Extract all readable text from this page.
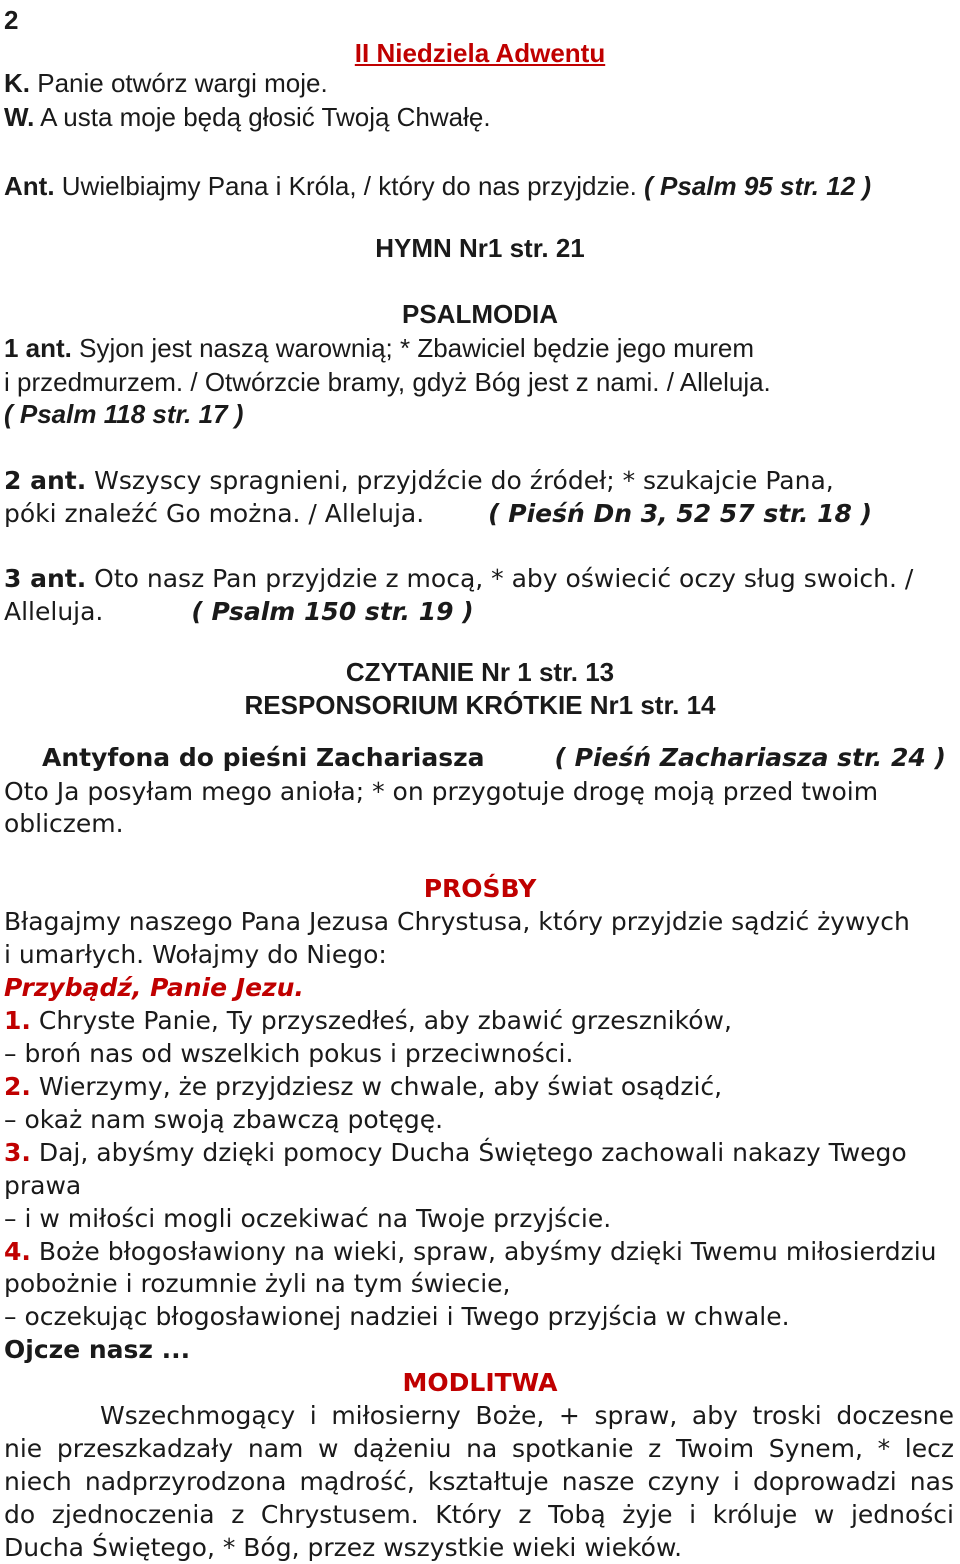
2
II Niedziela Adwentu
K. Panie otwórz wargi moje.
W. A usta moje będą głosić Twoją Chwałę.
Ant. Uwielbiajmy Pana i Króla, / który do nas przyjdzie. ( Psalm 95 str. 12 )
HYMN Nr1 str. 21
PSALMODIA
1 ant. Syjon jest naszą warownią; * Zbawiciel będzie jego murem
i przedmurzem. / Otwórzcie bramy, gdyż Bóg jest z nami. / Alleluja.
( Psalm 118 str. 17 )
2 ant. Wszyscy spragnieni, przyjdźcie do źródeł; * szukajcie Pana,
póki znaleźć Go można. / Alleluja.	( Pieśń Dn 3, 52 57 str. 18 )
3 ant. Oto nasz Pan przyjdzie z mocą, * aby oświecić oczy sług swoich. /
Alleluja.	( Psalm 150 str. 19 )
CZYTANIE Nr 1 str. 13
RESPONSORIUM KRÓTKIE Nr1 str. 14
Antyfona do pieśni Zachariasza	( Pieśń Zachariasza str. 24 )
Oto Ja posyłam mego anioła; * on przygotuje drogę moją przed twoim
obliczem.
PROŚBY
Błagajmy naszego Pana Jezusa Chrystusa, który przyjdzie sądzić żywych
i umarłych. Wołajmy do Niego:
Przybądź, Panie Jezu.
1. Chryste Panie, Ty przyszedłeś, aby zbawić grzeszników,
– broń nas od wszelkich pokus i przeciwności.
2. Wierzymy, że przyjdziesz w chwale, aby świat osądzić,
– okaż nam swoją zbawczą potęgę.
3. Daj, abyśmy dzięki pomocy Ducha Świętego zachowali nakazy Twego
prawa
– i w miłości mogli oczekiwać na Twoje przyjście.
4. Boże błogosławiony na wieki, spraw, abyśmy dzięki Twemu miłosierdziu
pobożnie i rozumnie żyli na tym świecie,
– oczekując błogosławionej nadziei i Twego przyjścia w chwale.
Ojcze nasz ...
MODLITWA
Wszechmogący i miłosierny Boże, + spraw, aby troski doczesne
nie przeszkadzały nam w dążeniu na spotkanie z Twoim Synem, * lecz
niech nadprzyrodzona mądrość, kształtuje nasze czyny i doprowadzi nas
do zjednoczenia z Chrystusem. Który z Tobą żyje i króluje w jedności
Ducha Świętego, * Bóg, przez wszystkie wieki wieków.
